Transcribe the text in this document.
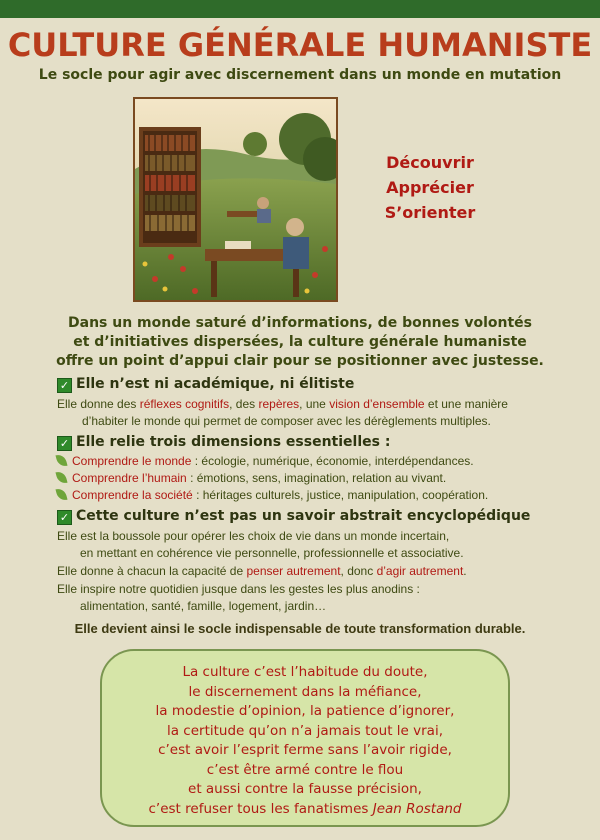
CULTURE GÉNÉRALE HUMANISTE
Le socle pour agir avec discernement dans un monde en mutation
Découvrir
Apprécier
S’orienter
Dans un monde saturé d’informations, de bonnes volontés
et d’initiatives dispersées, la culture générale humaniste
offre un point d’appui clair pour se positionner avec justesse.
✓ Elle n’est ni académique, ni élitiste
Elle donne des réflexes cognitifs, des repères, une vision d’ensemble et une manière
d’habiter le monde qui permet de composer avec les dérèglements multiples.
✓ Elle relie trois dimensions essentielles :
Comprendre le monde : écologie, numérique, économie, interdépendances.
Comprendre l’humain : émotions, sens, imagination, relation au vivant.
Comprendre la société : héritages culturels, justice, manipulation, coopération.
✓ Cette culture n’est pas un savoir abstrait encyclopédique
Elle est la boussole pour opérer les choix de vie dans un monde incertain,
en mettant en cohérence vie personnelle, professionnelle et associative.
Elle donne à chacun la capacité de penser autrement, donc d’agir autrement.
Elle inspire notre quotidien jusque dans les gestes les plus anodins :
alimentation, santé, famille, logement, jardin…
Elle devient ainsi le socle indispensable de toute transformation durable.
La culture c’est l’habitude du doute,
le discernement dans la méfiance,
la modestie d’opinion, la patience d’ignorer,
la certitude qu’on n’a jamais tout le vrai,
c’est avoir l’esprit ferme sans l’avoir rigide,
c’est être armé contre le flou
et aussi contre la fausse précision,
c’est refuser tous les fanatismes Jean Rostand
